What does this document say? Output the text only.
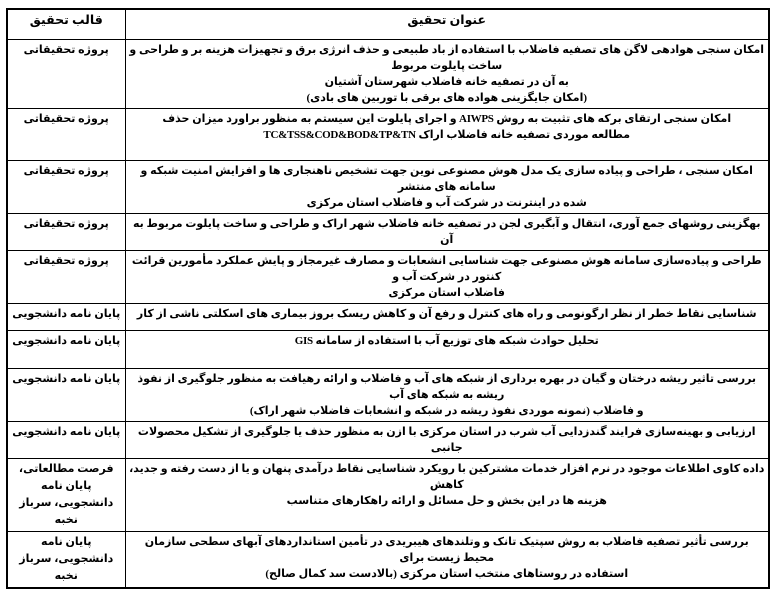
عنوان تحقیق	قالب تحقیق

امکان سنجی هوادهی لاگن های تصفیه فاضلاب با استفاده از باد طبیعی و حذف انرژی برق و تجهیزات هزینه بر و طراحی و ساخت پایلوت مربوط
به آن در تصفیه خانه فاضلاب شهرستان آشتیان
(امکان جایگزینی هواده های برقی با توربین های بادی)	پروژه تحقیقاتی

امکان سنجی ارتقای برکه های تثبیت به روش AIWPS و اجرای پایلوت این سیستم به منظور براورد میزان حذف
مطالعه موردی تصفیه خانه فاضلاب اراک TC&TSS&COD&BOD&TP&TN	پروژه تحقیقاتی

امکان سنجی ، طراحی و پیاده سازی یک مدل هوش مصنوعی نوین جهت تشخیص ناهنجاری ها و افزایش امنیت شبکه و سامانه های منتشر
شده در اینترنت در شرکت آب و فاضلاب استان مرکزی	پروژه تحقیقاتی

بهگزینی روشهای جمع آوری، انتقال و آبگیری لجن در تصفیه خانه فاضلاب شهر اراک و طراحی و ساخت پایلوت مربوط به آن	پروژه تحقیقاتی

طراحی و پیاده‌سازی سامانه هوش مصنوعی جهت شناسایی انشعابات و مصارف غیرمجاز و پایش عملکرد مأمورین قرائت کنتور در شرکت آب و
فاضلاب استان مرکزی	پروژه تحقیقاتی

شناسایی نقاط خطر از نظر ارگونومی و راه های کنترل و رفع آن و کاهش ریسک بروز بیماری های اسکلتی ناشی از کار	پایان نامه دانشجویی

تحلیل حوادث شبکه های توزیع آب با استفاده از سامانه GIS	پایان نامه دانشجویی

بررسی تاثیر ریشه درختان و گیان در بهره برداری از شبکه های آب و فاضلاب و ارائه رهیافت به منظور جلوگیری از نفوذ ریشه به شبکه های آب
و فاضلاب (نمونه موردی نفوذ ریشه در شبکه و انشعابات فاضلاب شهر اراک)	پایان نامه دانشجویی

ارزیابی و بهینه‌سازی فرایند گندزدایی آب شرب در استان مرکزی با ازن به منظور حذف یا جلوگیری از تشکیل محصولات جانبی	پایان نامه دانشجویی

داده کاوی اطلاعات موجود در نرم افزار خدمات مشترکین با رویکرد شناسایی نقاط درآمدی پنهان و یا از دست رفته و جدید، کاهش
هزینه ها در این بخش و حل مسائل و ارائه راهکارهای متناسب	فرصت مطالعاتی، پایان نامه دانشجویی، سرباز نخبه

بررسی تأثیر تصفیه فاضلاب به روش سپتیک تانک و وتلندهای هیبریدی در تأمین استانداردهای آبهای سطحی سازمان محیط زیست برای
استفاده در روستاهای منتخب استان مرکزی (بالادست سد کمال صالح)	پایان نامه دانشجویی، سرباز نخبه
